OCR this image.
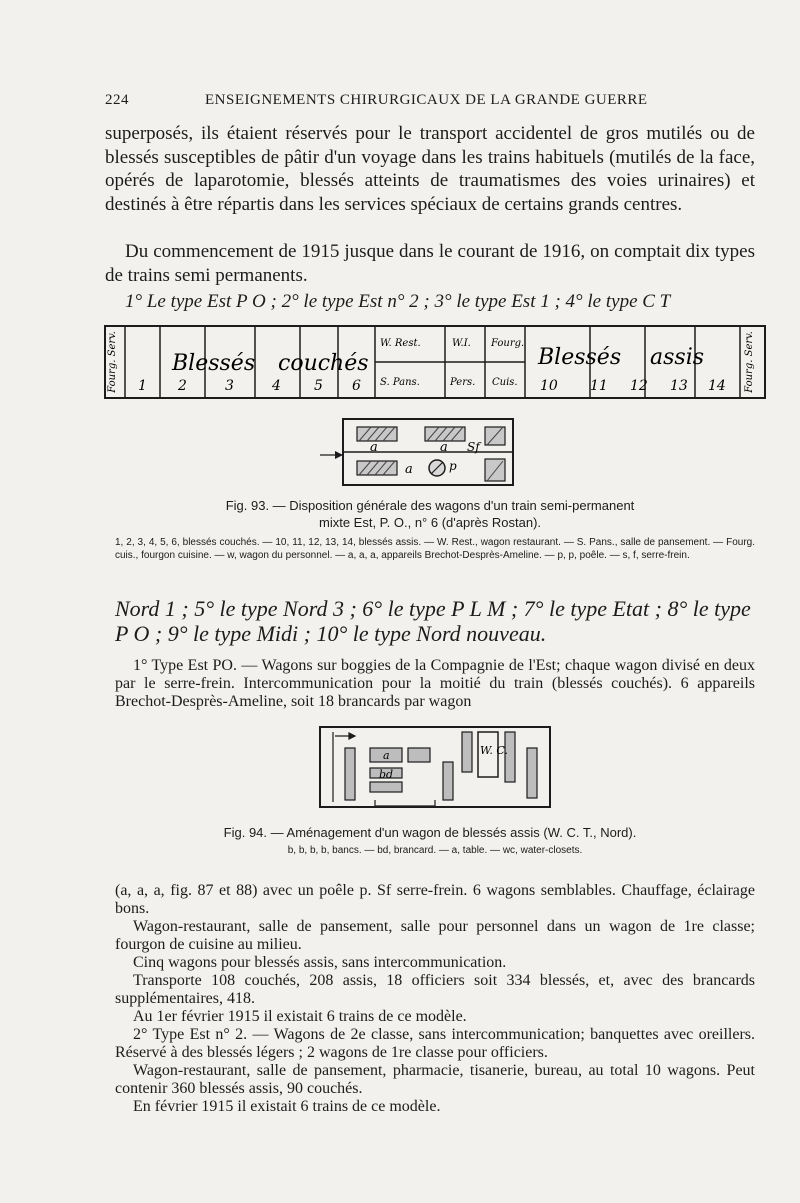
224	ENSEIGNEMENTS CHIRURGICAUX DE LA GRANDE GUERRE
superposés, ils étaient réservés pour le transport accidentel de gros mutilés ou de blessés susceptibles de pâtir d'un voyage dans les trains habituels (mutilés de la face, opérés de laparotomie, blessés atteints de traumatismes des voies urinaires) et destinés à être répartis dans les services spéciaux de certains grands centres.
Du commencement de 1915 jusque dans le courant de 1916, on comptait dix types de trains semi permanents.
1° Le type Est P O ; 2° le type Est n° 2 ; 3° le type Est 1 ; 4° le type C T
Fourg. Serv.	Fourg. Serv.
Blessés couchés	Blessés assis
1 2	3	4 5 6	10 11 12 13 14
W. Rest.	W.I. Fourg.
S. Pans.	Pers. Cuis.
a	a Sf
a	p
Fig. 93. — Disposition générale des wagons d'un train semi-permanent
mixte Est, P. O., n° 6 (d'après Rostan).
1, 2, 3, 4, 5, 6, blessés couchés. — 10, 11, 12, 13, 14, blessés assis. — W. Rest., wagon restaurant. — S. Pans., salle de pansement. — Fourg. cuis., fourgon cuisine. — w, wagon du personnel. — a, a, a, appareils Brechot-Desprès-Ameline. — p, p, poêle. — s, f, serre-frein.
Nord 1 ; 5° le type Nord 3 ; 6° le type P L M ; 7° le type Etat ; 8° le type
P O ; 9° le type Midi ; 10° le type Nord nouveau.
1° Type Est PO. — Wagons sur boggies de la Compagnie de l'Est; chaque wagon divisé en deux par le serre-frein. Intercommunication pour la moitié du train (blessés couchés). 6 appareils Brechot-Desprès-Ameline, soit 18 brancards par wagon
W. C.
a
bd
Fig. 94. — Aménagement d'un wagon de blessés assis (W. C. T., Nord).
b, b, b, b, bancs. — bd, brancard. — a, table. — wc, water-closets.
(a, a, a, fig. 87 et 88) avec un poêle p. Sf serre-frein. 6 wagons semblables. Chauffage, éclairage bons.
Wagon-restaurant, salle de pansement, salle pour personnel dans un wagon de 1re classe; fourgon de cuisine au milieu.
Cinq wagons pour blessés assis, sans intercommunication.
Transporte 108 couchés, 208 assis, 18 officiers soit 334 blessés, et, avec des brancards supplémentaires, 418.
Au 1er février 1915 il existait 6 trains de ce modèle.
2° Type Est n° 2. — Wagons de 2e classe, sans intercommunication; banquettes avec oreillers. Réservé à des blessés légers ; 2 wagons de 1re classe pour officiers.
Wagon-restaurant, salle de pansement, pharmacie, tisanerie, bureau, au total 10 wagons. Peut contenir 360 blessés assis, 90 couchés.
En février 1915 il existait 6 trains de ce modèle.
